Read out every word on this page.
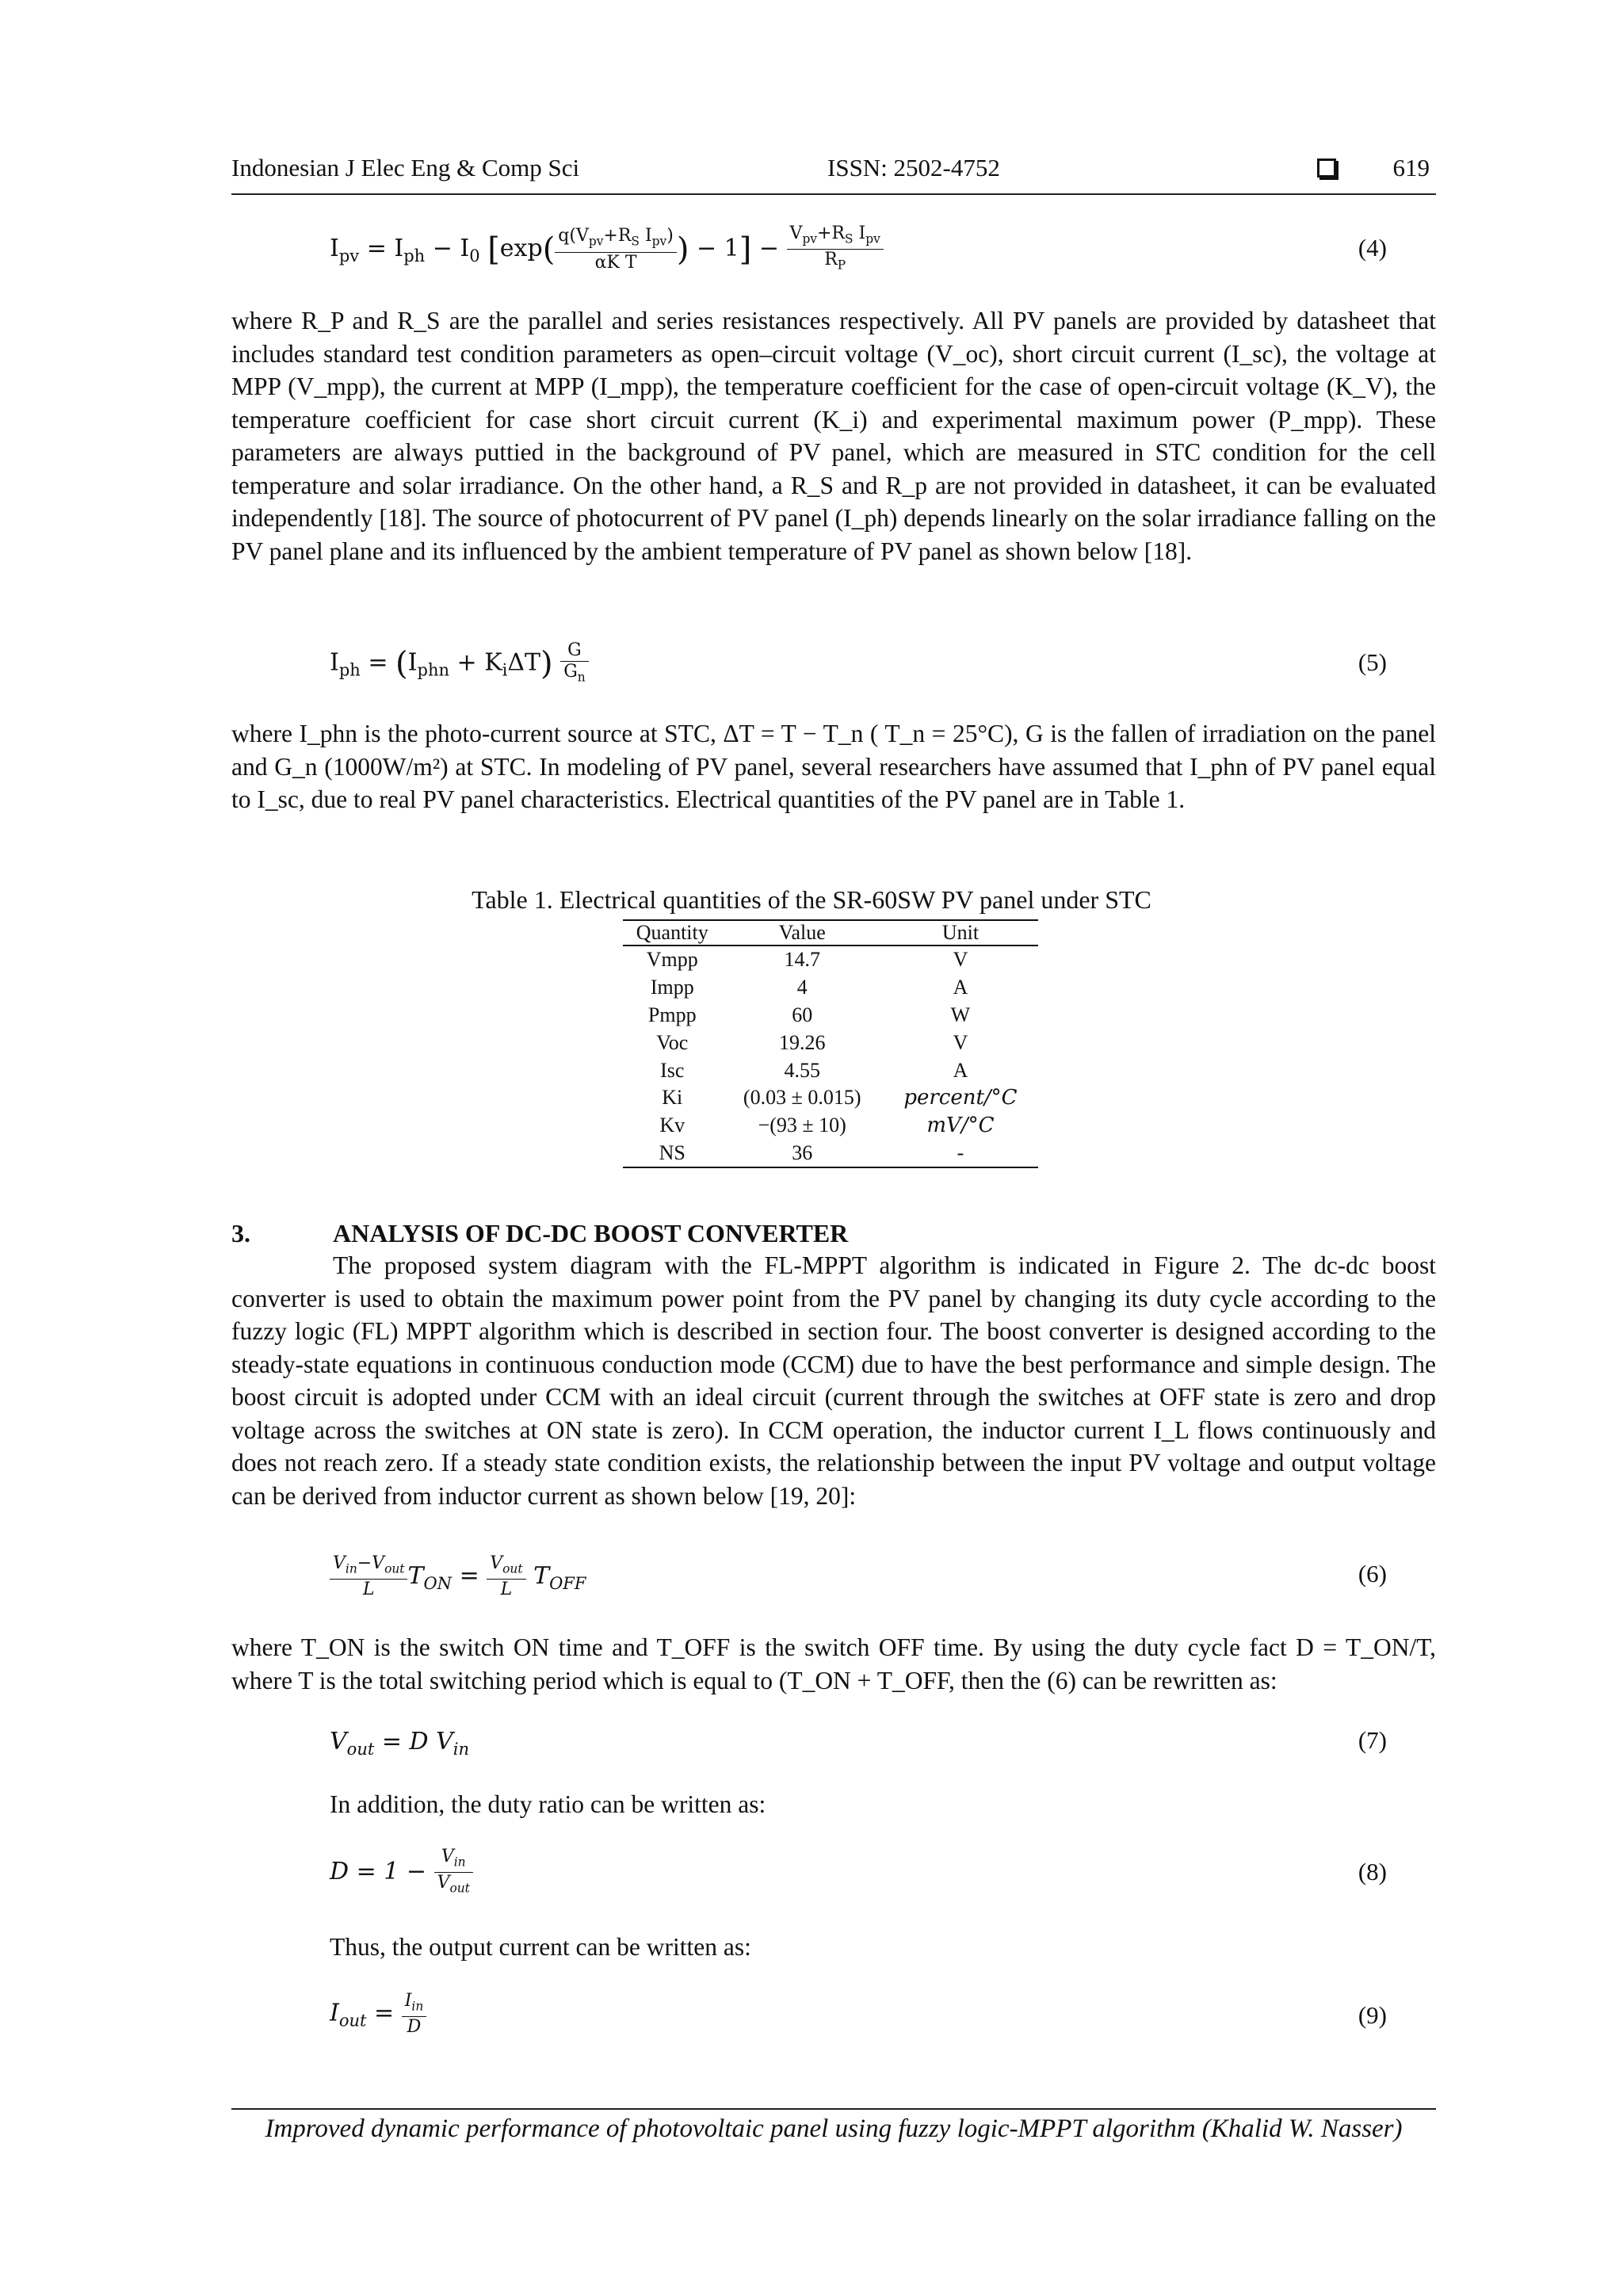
Indonesian J Elec Eng & Comp Sci	ISSN: 2502-4752	619
$I_{pv} = I_{ph} - I_0$ [$\exp( \frac{q(V_{pv}+R_S I_{pv})}{\text{αK T}}$ ) − $1] - \frac{V_{pv}+R_S I_{pv}}{R_P}$	(4)

where R_P and R_S are the parallel and series resistances respectively. All PV panels are provided by datasheet that includes standard test condition parameters as open–circuit voltage (V_oc), short circuit current (I_sc), the voltage at MPP (V_mpp), the current at MPP (I_mpp), the temperature coefficient for the case of open-circuit voltage (K_V), the temperature coefficient for case short circuit current (K_i) and experimental maximum power (P_mpp). These parameters are always puttied in the background of PV panel, which are measured in STC condition for the cell temperature and solar irradiance. On the other hand, a R_S and R_p are not provided in datasheet, it can be evaluated independently [18]. The source of photocurrent of PV panel (I_ph) depends linearly on the solar irradiance falling on the PV panel plane and its influenced by the ambient temperature of PV panel as shown below [18].

$I_{ph} = (I_{phn} + K_i\Delta T) \frac{G}{G_n}$	(5)

where I_phn is the photo-current source at STC, ΔT = T − T_n ( T_n = 25°C), G is the fallen of irradiation on the panel and G_n (1000W/m²) at STC. In modeling of PV panel, several researchers have assumed that I_phn of PV panel equal to I_sc, due to real PV panel characteristics. Electrical quantities of the PV panel are in Table 1.

Table 1. Electrical quantities of the SR-60SW PV panel under STC
Quantity	Value	Unit
Vmpp	14.7	V
Impp	4	A
Pmpp	60	W
Voc	19.26	V
Isc	4.55	A
Ki	(0.03 ± 0.015)	percent/°C
Kv	−(93 ± 10)	mV/°C
NS	36	-
3.	ANALYSIS OF DC-DC BOOST CONVERTER

The proposed system diagram with the FL-MPPT algorithm is indicated in Figure 2. The dc-dc boost converter is used to obtain the maximum power point from the PV panel by changing its duty cycle according to the fuzzy logic (FL) MPPT algorithm which is described in section four. The boost converter is designed according to the steady-state equations in continuous conduction mode (CCM) due to have the best performance and simple design. The boost circuit is adopted under CCM with an ideal circuit (current through the switches at OFF state is zero and drop voltage across the switches at ON state is zero). In CCM operation, the inductor current I_L flows continuously and does not reach zero. If a steady state condition exists, the relationship between the input PV voltage and output voltage can be derived from inductor current as shown below [19, 20]:

$\frac{V_{in}-V_{out}}{L} T_{ON} = \frac{V_{out}}{L} T_{OFF}$	(6)

where T_ON is the switch ON time and T_OFF is the switch OFF time. By using the duty cycle fact D = T_ON/T, where T is the total switching period which is equal to (T_ON + T_OFF, then the (6) can be rewritten as:

$V_{out} = D$ $V_{in}$	(7)

In addition, the duty ratio can be written as:

$D = 1 - \frac{V_{in}}{V_{out}}$	(8)

Thus, the output current can be written as:

$I_{out} = \frac{I_{in}}{D}$	(9)
Improved dynamic performance of photovoltaic panel using fuzzy logic-MPPT algorithm (Khalid W. Nasser)
